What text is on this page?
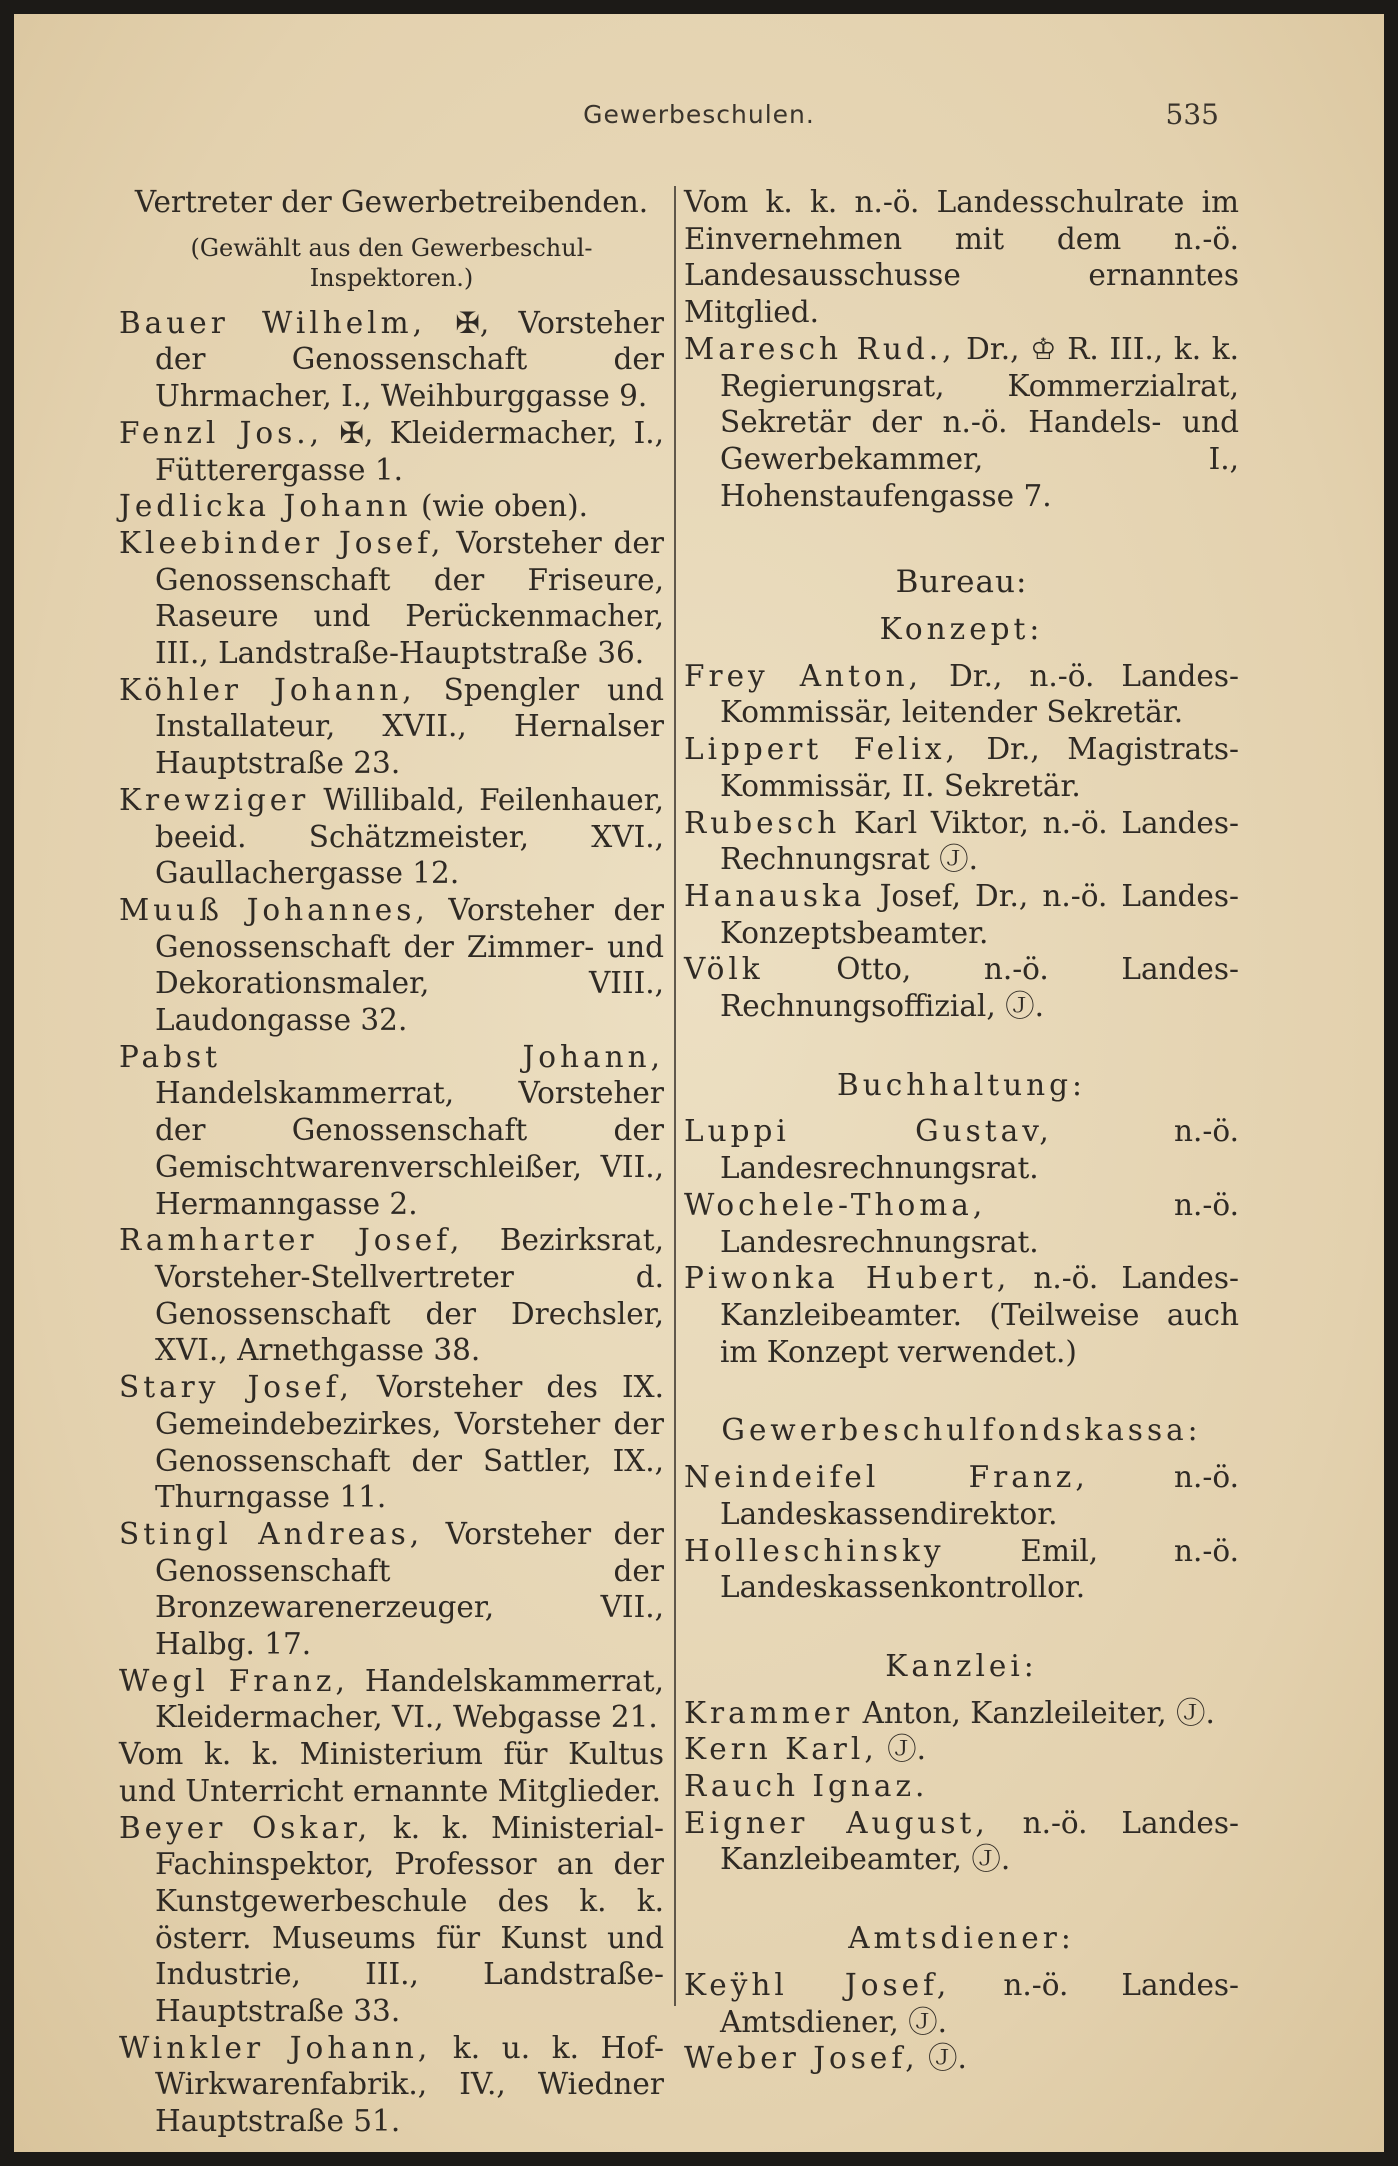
Gewerbeschulen.	535

Vertreter der Gewerbetreibenden.

(Gewählt aus den Gewerbeschul-Inspektoren.)

Bauer Wilhelm, ✠, Vorsteher der Genossenschaft der Uhrmacher, I., Weihburggasse 9.

Fenzl Jos., ✠, Kleidermacher, I., Fütterergasse 1.

Jedlicka Johann (wie oben).

Kleebinder Josef, Vorsteher der Genossenschaft der Friseure, Raseure und Perückenmacher, III., Landstraße-Hauptstraße 36.

Köhler Johann, Spengler und Installateur, XVII., Hernalser Hauptstraße 23.

Krewziger Willibald, Feilenhauer, beeid. Schätzmeister, XVI., Gaullachergasse 12.

Muuß Johannes, Vorsteher der Genossenschaft der Zimmer- und Dekorationsmaler, VIII., Laudongasse 32.

Pabst Johann, Handelskammerrat, Vorsteher der Genossenschaft der Gemischtwarenverschleißer, VII., Hermanngasse 2.

Ramharter Josef, Bezirksrat, Vorsteher-Stellvertreter d. Genossenschaft der Drechsler, XVI., Arnethgasse 38.

Stary Josef, Vorsteher des IX. Gemeindebezirkes, Vorsteher der Genossenschaft der Sattler, IX., Thurngasse 11.

Stingl Andreas, Vorsteher der Genossenschaft der Bronzewarenerzeuger, VII., Halbg. 17.

Wegl Franz, Handelskammerrat, Kleidermacher, VI., Webgasse 21.

Vom k. k. Ministerium für Kultus und Unterricht ernannte Mitglieder.

Beyer Oskar, k. k. Ministerial-Fachinspektor, Professor an der Kunstgewerbeschule des k. k. österr. Museums für Kunst und Industrie, III., Landstraße-Hauptstraße 33.

Winkler Johann, k. u. k. Hof-Wirkwarenfabrik., IV., Wiedner Hauptstraße 51.

Vom k. k. n.-ö. Landesschulrate im Einvernehmen mit dem n.-ö. Landesausschusse ernanntes Mitglied.

Maresch Rud., Dr., ♔ R. III., k. k. Regierungsrat, Kommerzialrat, Sekretär der n.-ö. Handels- und Gewerbekammer, I., Hohenstaufengasse 7.

Bureau:

Konzept:

Frey Anton, Dr., n.-ö. Landes-Kommissär, leitender Sekretär.

Lippert Felix, Dr., Magistrats-Kommissär, II. Sekretär.

Rubesch Karl Viktor, n.-ö. Landes-Rechnungsrat Ⓙ.

Hanauska Josef, Dr., n.-ö. Landes-Konzeptsbeamter.

Völk Otto, n.-ö. Landes-Rechnungsoffizial, Ⓙ.

Buchhaltung:

Luppi Gustav, n.-ö. Landesrechnungsrat.

Wochele-Thoma, n.-ö. Landesrechnungsrat.

Piwonka Hubert, n.-ö. Landes-Kanzleibeamter. (Teilweise auch im Konzept verwendet.)

Gewerbeschulfondskassa:

Neindeifel Franz, n.-ö. Landeskassendirektor.

Holleschinsky Emil, n.-ö. Landeskassenkontrollor.

Kanzlei:

Krammer Anton, Kanzleileiter, Ⓙ.

Kern Karl, Ⓙ.

Rauch Ignaz.

Eigner August, n.-ö. Landes-Kanzleibeamter, Ⓙ.

Amtsdiener:

Keÿhl Josef, n.-ö. Landes-Amtsdiener, Ⓙ.

Weber Josef, Ⓙ.
